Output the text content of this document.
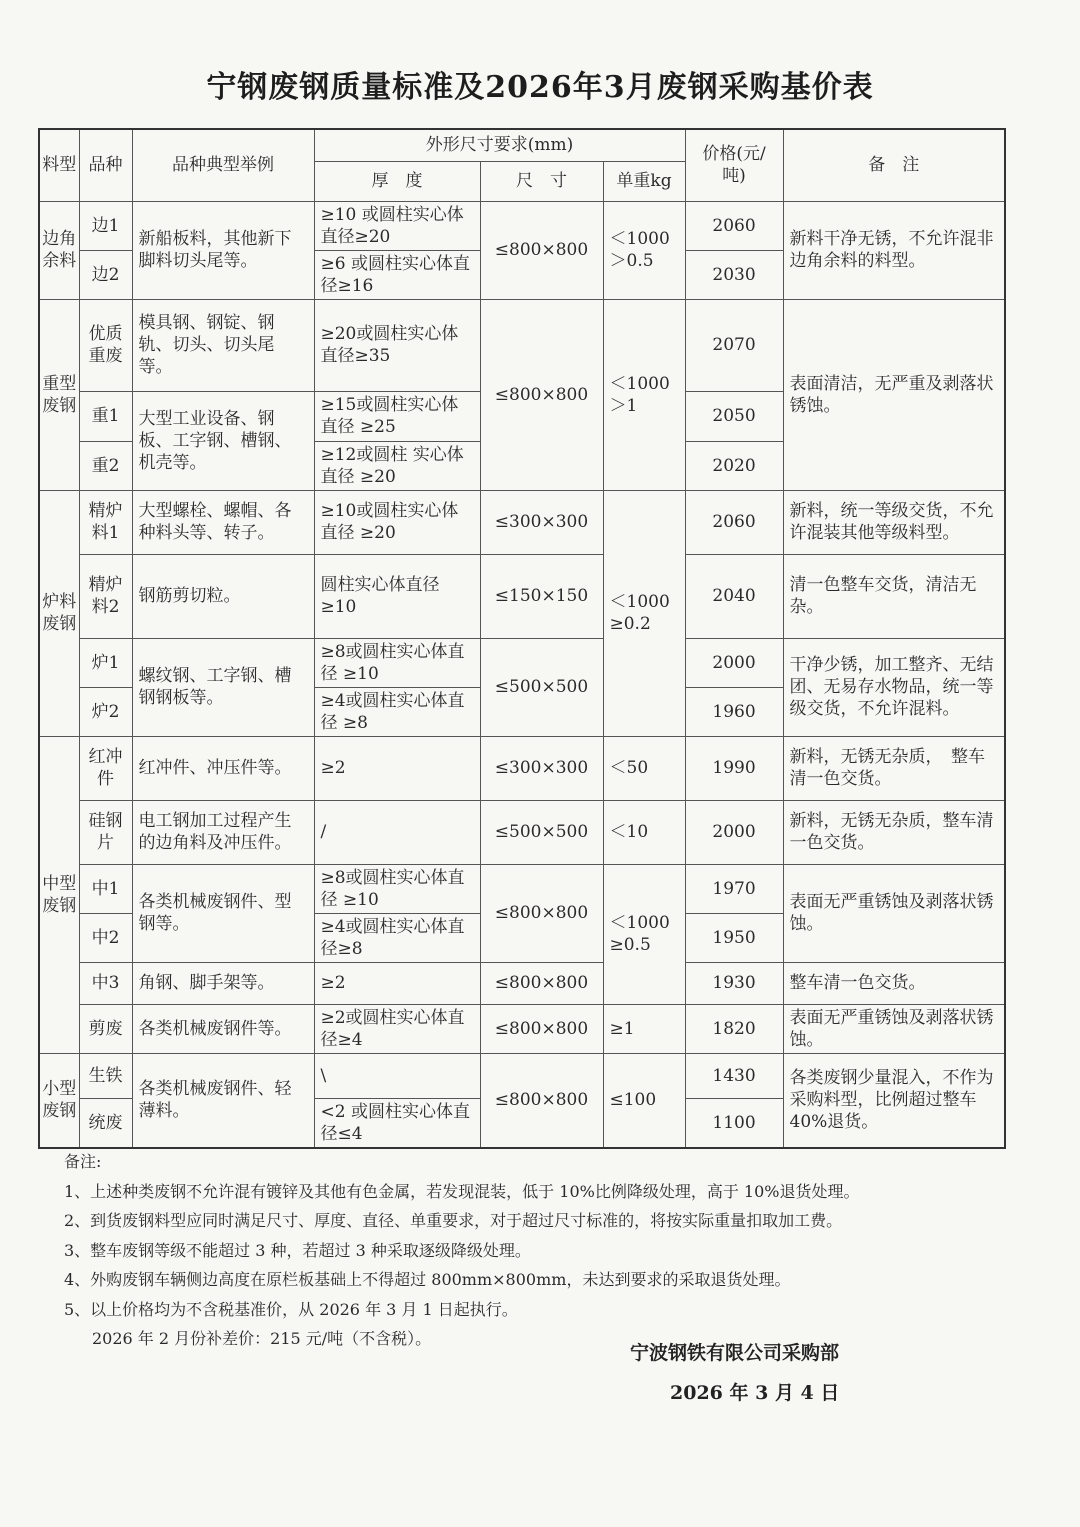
宁钢废钢质量标准及2026年3月废钢采购基价表
料型	品种	品种典型举例	外形尺寸要求(mm)			价格(元/吨)	备　注
			厚　度	尺　寸	单重kg		
边角余料	边1	新船板料，其他新下脚料切头尾等。	≥10 或圆柱实心体直径≥20	≤800×800	＜1000 ＞0.5	2060	新料干净无锈，不允许混非边角余料的料型。
	边2		≥6 或圆柱实心体直径≥16			2030	
重型废钢	优质重废	模具钢、钢锭、钢轨、切头、切头尾等。	≥20或圆柱实心体直径≥35	≤800×800	＜1000 ＞1	2070	表面清洁，无严重及剥落状锈蚀。
	重1	大型工业设备、钢板、工字钢、槽钢、机壳等。	≥15或圆柱实心体直径 ≥25			2050	
	重2		≥12或圆柱 实心体直径 ≥20			2020	
炉料废钢	精炉料1	大型螺栓、螺帽、各种料头等、转子。	≥10或圆柱实心体直径 ≥20	≤300×300	＜1000 ≥0.2	2060	新料，统一等级交货，不允许混装其他等级料型。
	精炉料2	钢筋剪切粒。	圆柱实心体直径≥10	≤150×150		2040	清一色整车交货，清洁无杂。
	炉1	螺纹钢、工字钢、槽钢钢板等。	≥8或圆柱实心体直径 ≥10	≤500×500		2000	干净少锈，加工整齐、无结团、无易存水物品，统一等级交货，不允许混料。
	炉2		≥4或圆柱实心体直径 ≥8			1960	
中型废钢	红冲件	红冲件、冲压件等。	≥2	≤300×300	＜50	1990	新料，无锈无杂质，　整车清一色交货。
	硅钢片	电工钢加工过程产生的边角料及冲压件。	/	≤500×500	＜10	2000	新料，无锈无杂质，整车清一色交货。
	中1	各类机械废钢件、型钢等。	≥8或圆柱实心体直径 ≥10	≤800×800	＜1000 ≥0.5	1970	表面无严重锈蚀及剥落状锈蚀。
	中2		≥4或圆柱实心体直径≥8			1950	
	中3	角钢、脚手架等。	≥2	≤800×800		1930	整车清一色交货。
	剪废	各类机械废钢件等。	≥2或圆柱实心体直径≥4	≤800×800	≥1	1820	表面无严重锈蚀及剥落状锈蚀。
小型废钢	生铁	各类机械废钢件、轻薄料。	\	≤800×800	≤100	1430	各类废钢少量混入，不作为采购料型，比例超过整车40%退货。
	统废		<2 或圆柱实心体直径≤4			1100	
备注:
1、上述种类废钢不允许混有镀锌及其他有色金属，若发现混装，低于 10%比例降级处理，高于 10%退货处理。
2、到货废钢料型应同时满足尺寸、厚度、直径、单重要求，对于超过尺寸标准的，将按实际重量扣取加工费。
3、整车废钢等级不能超过 3 种，若超过 3 种采取逐级降级处理。
4、外购废钢车辆侧边高度在原栏板基础上不得超过 800mm×800mm，未达到要求的采取退货处理。
5、以上价格均为不含税基准价，从 2026 年 3 月 1 日起执行。
2026 年 2 月份补差价：215 元/吨（不含税）。
宁波钢铁有限公司采购部
2026 年 3 月 4 日
